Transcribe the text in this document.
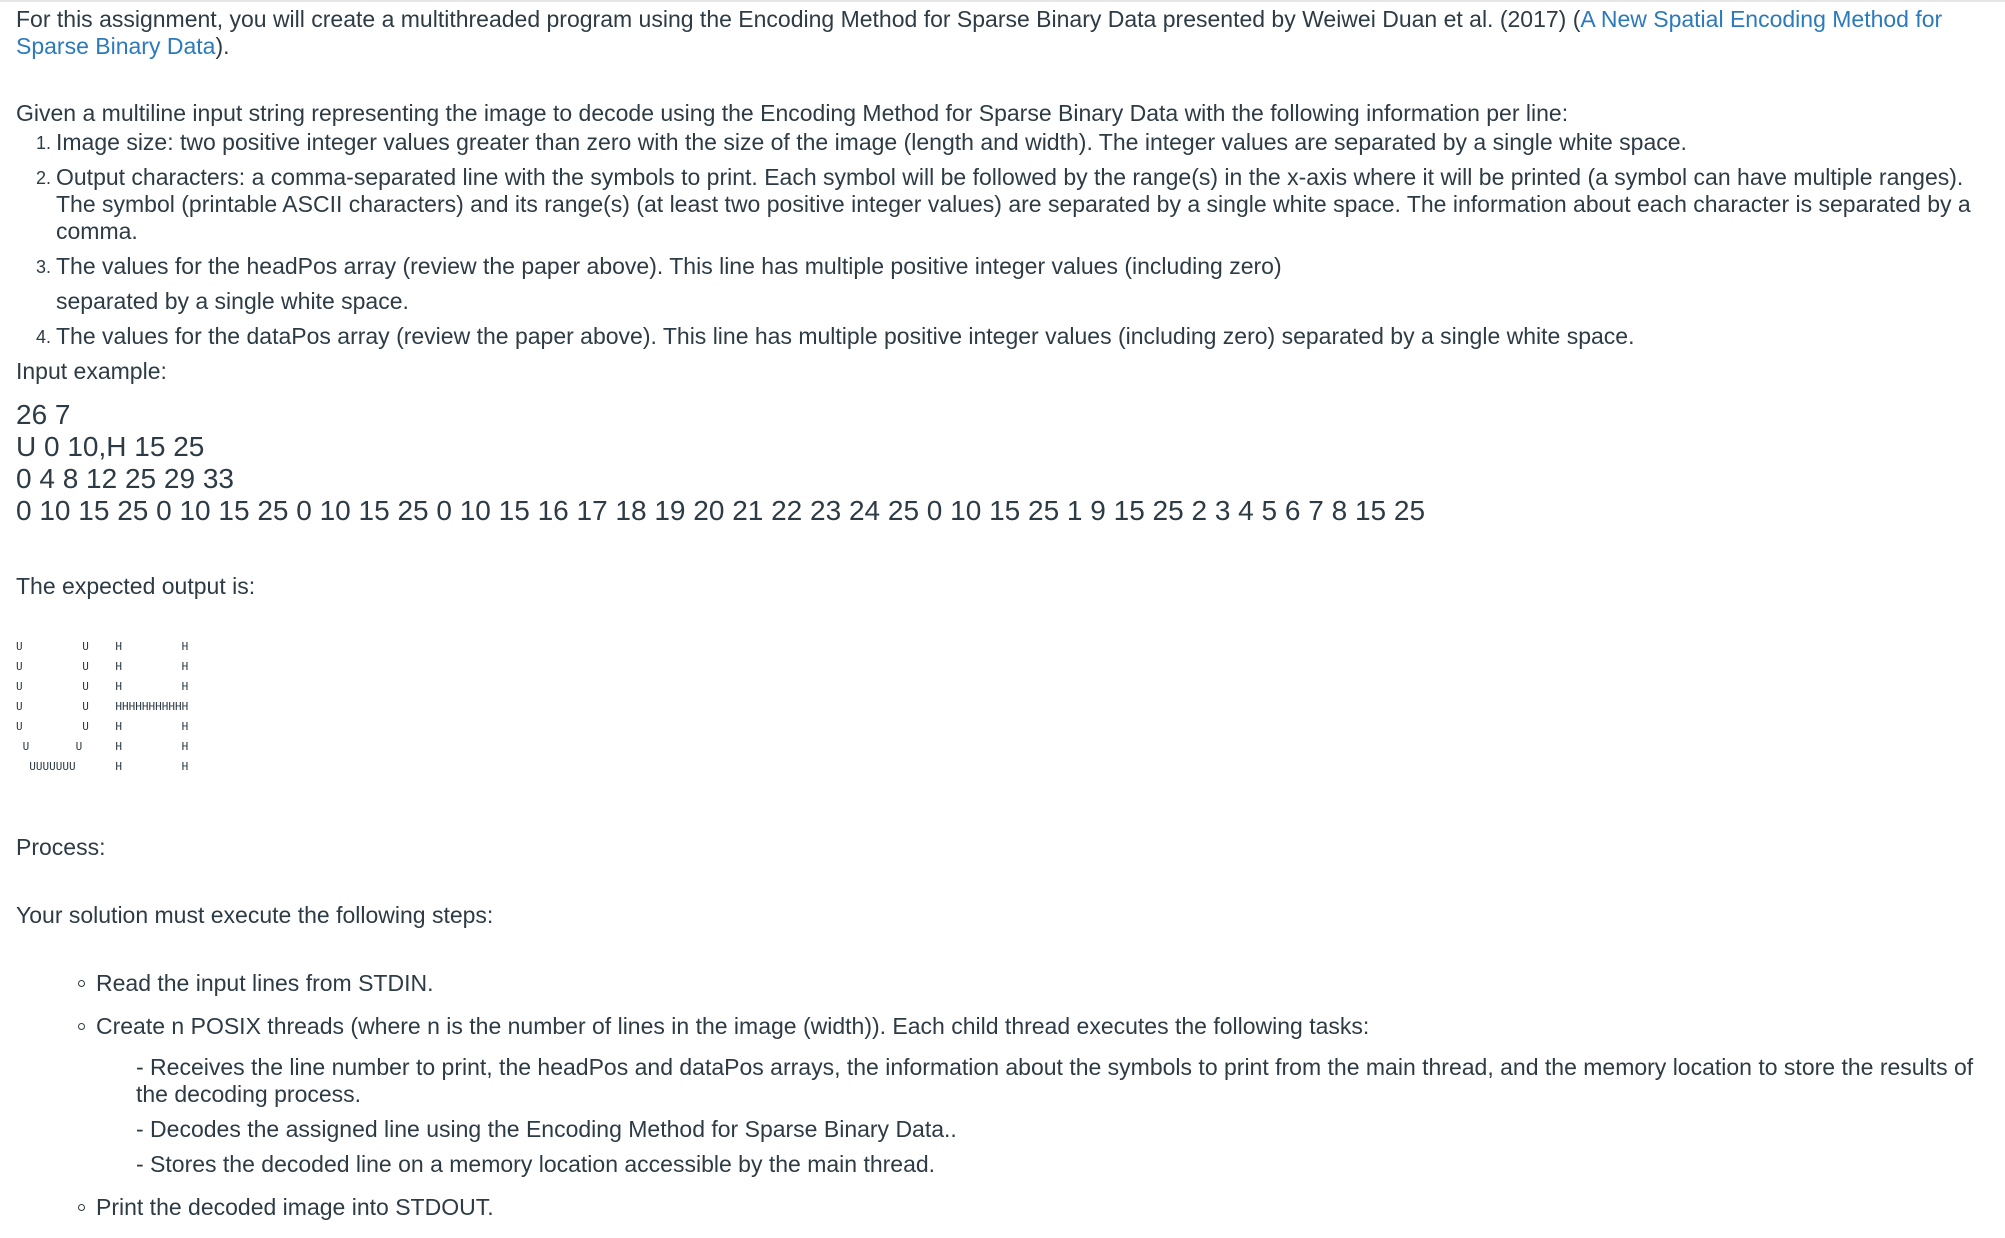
For this assignment, you will create a multithreaded program using the Encoding Method for Sparse Binary Data presented by Weiwei Duan et al. (2017) (A New Spatial Encoding Method for Sparse Binary Data).

Given a multiline input string representing the image to decode using the Encoding Method for Sparse Binary Data with the following information per line:

1. Image size: two positive integer values greater than zero with the size of the image (length and width). The integer values are separated by a single white space.
2. Output characters: a comma-separated line with the symbols to print. Each symbol will be followed by the range(s) in the x-axis where it will be printed (a symbol can have multiple ranges). The symbol (printable ASCII characters) and its range(s) (at least two positive integer values) are separated by a single white space. The information about each character is separated by a comma.
3. The values for the headPos array (review the paper above). This line has multiple positive integer values (including zero)
separated by a single white space.
4. The values for the dataPos array (review the paper above). This line has multiple positive integer values (including zero) separated by a single white space.

Input example:

26 7
U 0 10,H 15 25
0 4 8 12 25 29 33
0 10 15 25 0 10 15 25 0 10 15 25 0 10 15 16 17 18 19 20 21 22 23 24 25 0 10 15 25 1 9 15 25 2 3 4 5 6 7 8 15 25

The expected output is:

U         U    H         H
U         U    H         H
U         U    H         H
U         U    HHHHHHHHHHH
U         U    H         H
U       U     H         H
UUUUUUU      H         H

Process:

Your solution must execute the following steps:

Read the input lines from STDIN.
Create n POSIX threads (where n is the number of lines in the image (width)). Each child thread executes the following tasks:
- Receives the line number to print, the headPos and dataPos arrays, the information about the symbols to print from the main thread, and the memory location to store the results of the decoding process.
- Decodes the assigned line using the Encoding Method for Sparse Binary Data..
- Stores the decoded line on a memory location accessible by the main thread.
Print the decoded image into STDOUT.
